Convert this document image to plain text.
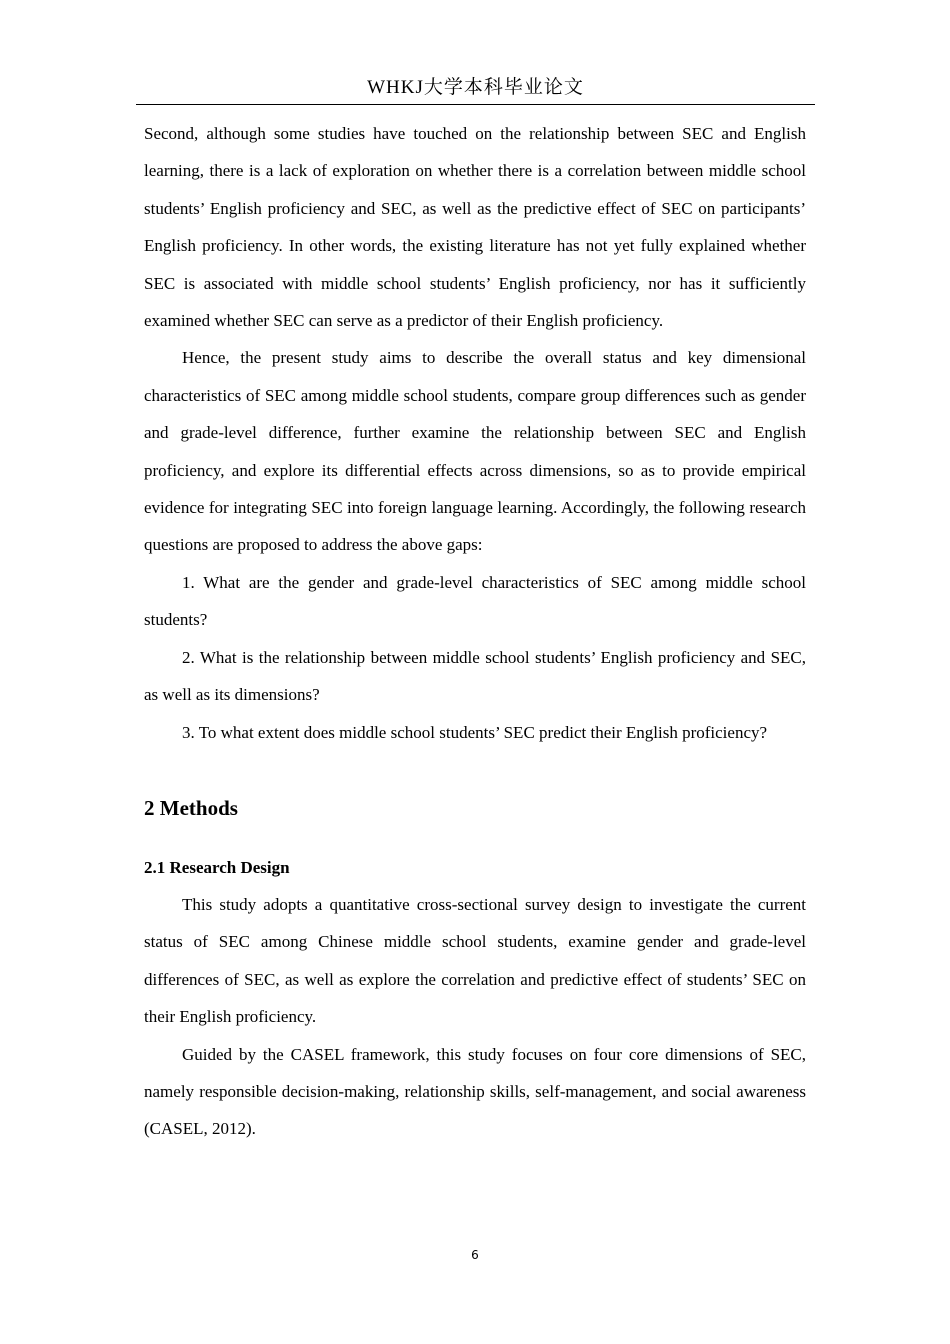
WHKJ大学本科毕业论文

Second, although some studies have touched on the relationship between SEC and English learning, there is a lack of exploration on whether there is a correlation between middle school students’ English proficiency and SEC, as well as the predictive effect of SEC on participants’ English proficiency. In other words, the existing literature has not yet fully explained whether SEC is associated with middle school students’ English proficiency, nor has it sufficiently examined whether SEC can serve as a predictor of their English proficiency.

Hence, the present study aims to describe the overall status and key dimensional characteristics of SEC among middle school students, compare group differences such as gender and grade-level difference, further examine the relationship between SEC and English proficiency, and explore its differential effects across dimensions, so as to provide empirical evidence for integrating SEC into foreign language learning. Accordingly, the following research questions are proposed to address the above gaps:

1. What are the gender and grade-level characteristics of SEC among middle school students?

2. What is the relationship between middle school students’ English proficiency and SEC, as well as its dimensions?

3. To what extent does middle school students’ SEC predict their English proficiency?

2 Methods
2.1 Research Design

This study adopts a quantitative cross-sectional survey design to investigate the current status of SEC among Chinese middle school students, examine gender and grade-level differences of SEC, as well as explore the correlation and predictive effect of students’ SEC on their English proficiency.

Guided by the CASEL framework, this study focuses on four core dimensions of SEC, namely responsible decision-making, relationship skills, self-management, and social awareness (CASEL, 2012).

6
